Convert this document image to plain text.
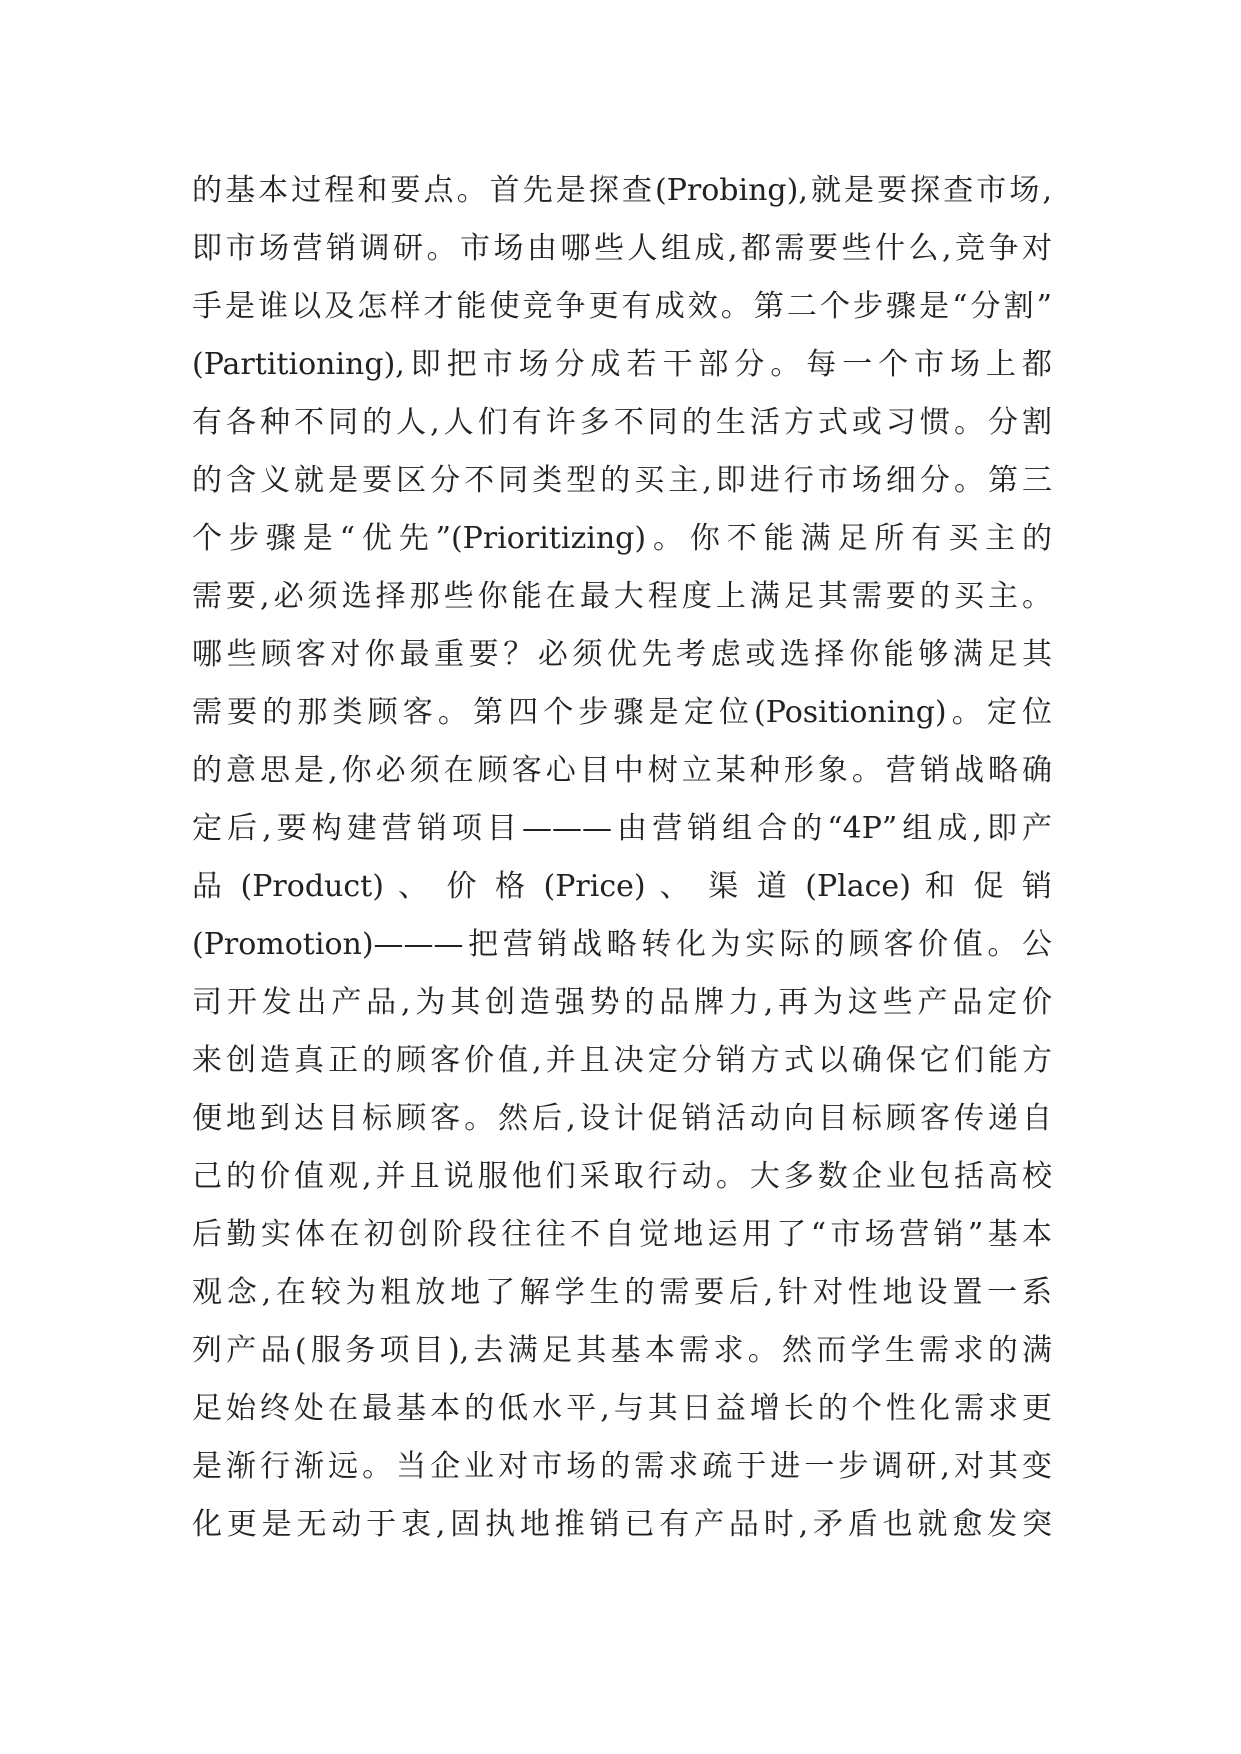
的基本过程和要点。首先是探查(Probing),就是要探查市场,
即市场营销调研。市场由哪些人组成,都需要些什么,竞争对
手是谁以及怎样才能使竞争更有成效。第二个步骤是“分割”
(Partitioning),即把市场分成若干部分。每一个市场上都
有各种不同的人,人们有许多不同的生活方式或习惯。分割
的含义就是要区分不同类型的买主,即进行市场细分。第三
个步骤是“优先”(Prioritizing)。你不能满足所有买主的
需要,必须选择那些你能在最大程度上满足其需要的买主。
哪些顾客对你最重要？必须优先考虑或选择你能够满足其
需要的那类顾客。第四个步骤是定位(Positioning)。定位
的意思是,你必须在顾客心目中树立某种形象。营销战略确
定后,要构建营销项目———由营销组合的“4P”组成,即产
品 (Product) 、 价 格 (Price) 、 渠 道 (Place) 和 促 销
(Promotion)———把营销战略转化为实际的顾客价值。公
司开发出产品,为其创造强势的品牌力,再为这些产品定价
来创造真正的顾客价值,并且决定分销方式以确保它们能方
便地到达目标顾客。然后,设计促销活动向目标顾客传递自
己的价值观,并且说服他们采取行动。大多数企业包括高校
后勤实体在初创阶段往往不自觉地运用了“市场营销”基本
观念,在较为粗放地了解学生的需要后,针对性地设置一系
列产品(服务项目),去满足其基本需求。然而学生需求的满
足始终处在最基本的低水平,与其日益增长的个性化需求更
是渐行渐远。当企业对市场的需求疏于进一步调研,对其变
化更是无动于衷,固执地推销已有产品时,矛盾也就愈发突
